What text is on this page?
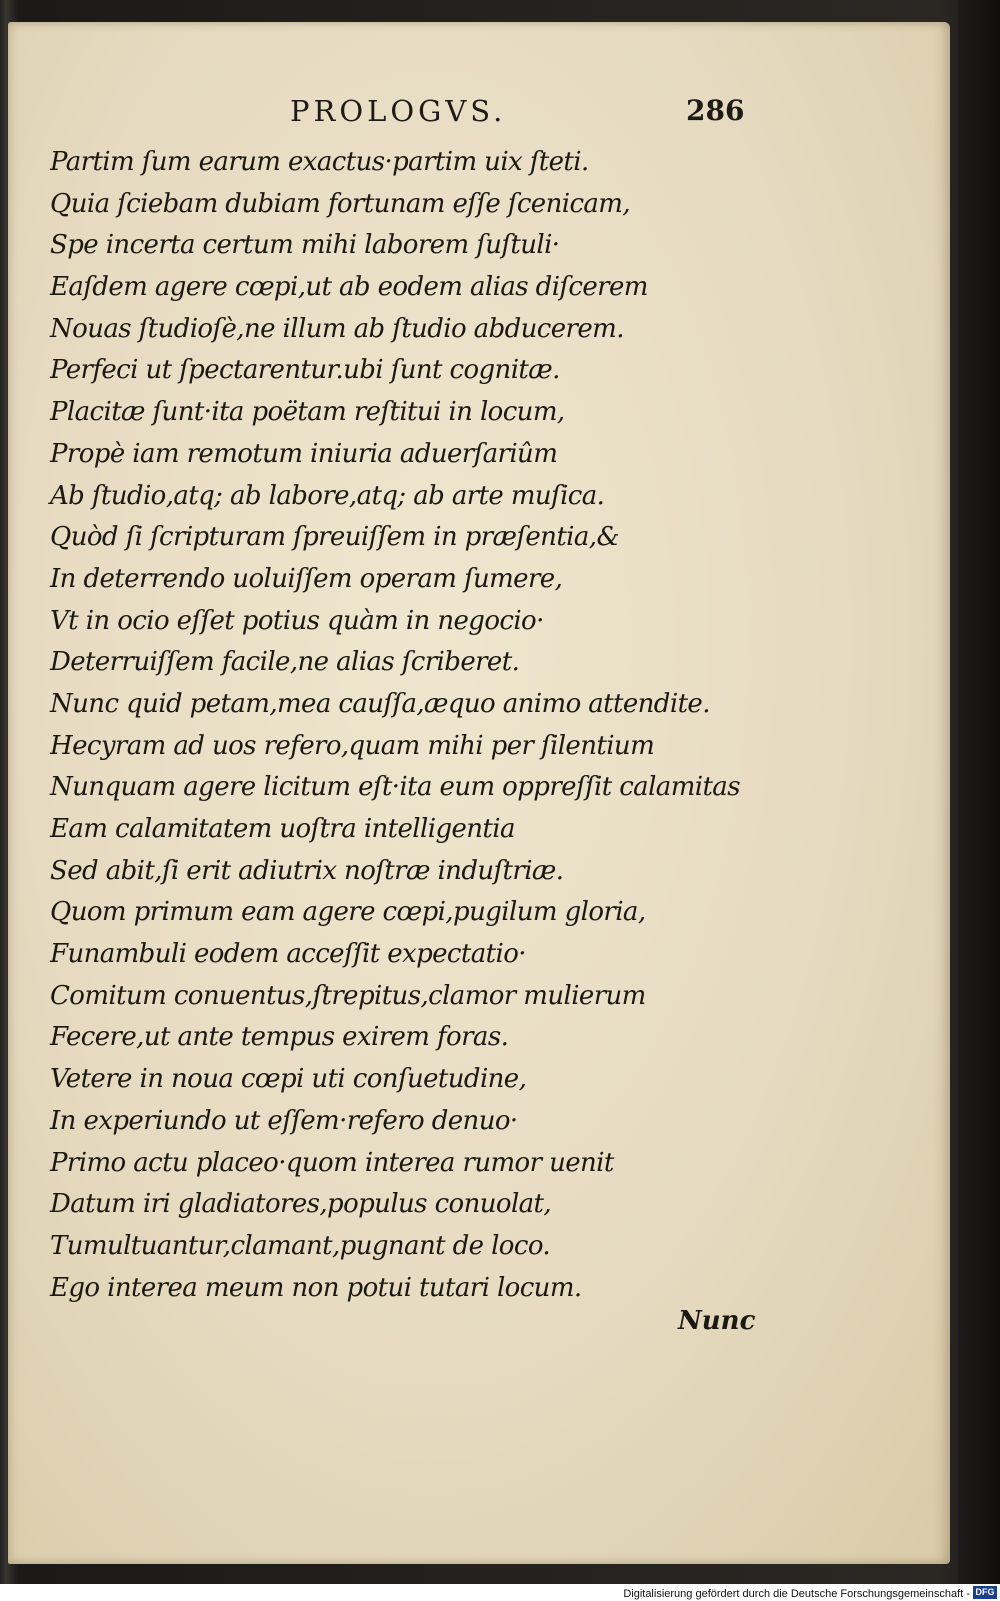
PROLOGVS.	286
Partim ſum earum exactus·partim uix ſteti.
Quia ſciebam dubiam fortunam eſſe ſcenicam,
Spe incerta certum mihi laborem ſuſtuli·
Eaſdem agere cœpi,ut ab eodem alias diſcerem
Nouas ſtudioſè,ne illum ab ſtudio abducerem.
Perfeci ut ſpectarentur.ubi ſunt cognitæ.
Placitæ ſunt·ita poëtam reſtitui in locum,
Propè iam remotum iniuria aduerſariûm
Ab ſtudio,atq; ab labore,atq; ab arte muſica.
Quòd ſi ſcripturam ſpreuiſſem in præſentia,&
In deterrendo uoluiſſem operam ſumere,
Vt in ocio eſſet potius quàm in negocio·
Deterruiſſem facile,ne alias ſcriberet.
Nunc quid petam,mea cauſſa,æquo animo attendite.
Hecyram ad uos refero,quam mihi per ſilentium
Nunquam agere licitum eſt·ita eum oppreſſit calamitas
Eam calamitatem uoſtra intelligentia
Sed abit,ſi erit adiutrix noſtræ induſtriæ.
Quom primum eam agere cœpi,pugilum gloria,
Funambuli eodem acceſſit expectatio·
Comitum conuentus,ſtrepitus,clamor mulierum
Fecere,ut ante tempus exirem foras.
Vetere in noua cœpi uti conſuetudine,
In experiundo ut eſſem·refero denuo·
Primo actu placeo·quom interea rumor uenit
Datum iri gladiatores,populus conuolat,
Tumultuantur,clamant,pugnant de loco.
Ego interea meum non potui tutari locum.
Nunc
Digitalisierung gefördert durch die Deutsche Forschungsgemeinschaft - DFG
